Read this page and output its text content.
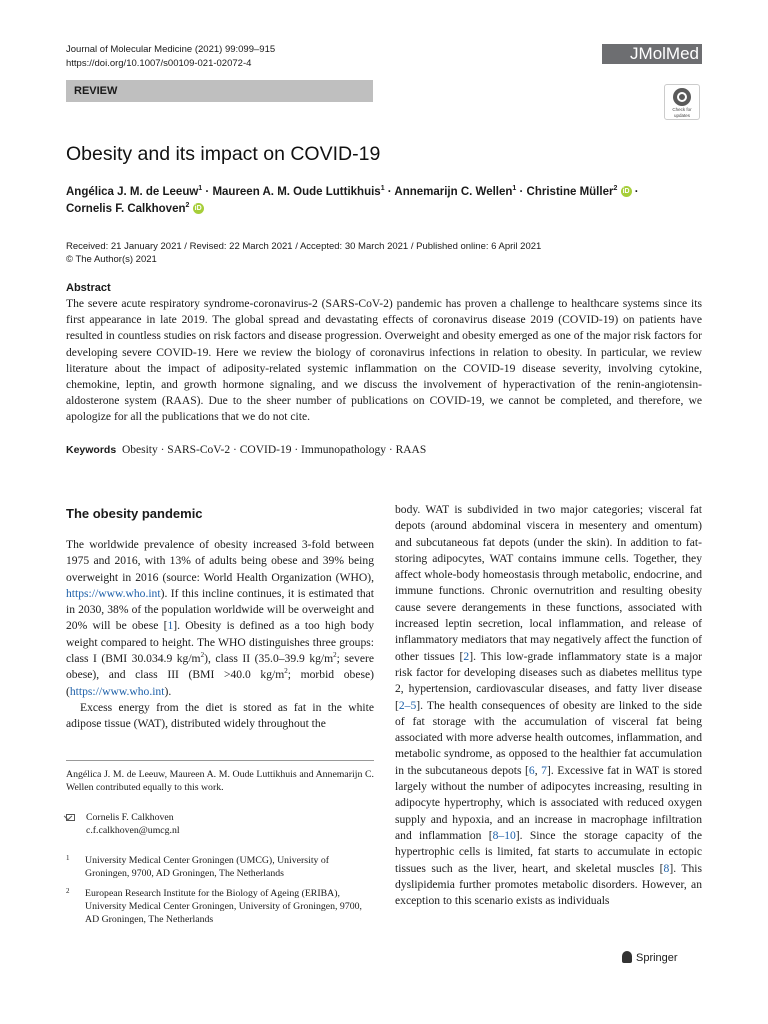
Journal of Molecular Medicine (2021) 99:099–915
https://doi.org/10.1007/s00109-021-02072-4	JMolMed
REVIEW
Check for
updates
Obesity and its impact on COVID-19
Angélica J. M. de Leeuw$^1$ · Maureen A. M. Oude Luttikhuis$^1$ · Annemarijn C. Wellen$^1$ · Christine Müller$^2$ iD ·
Cornelis F. Calkhoven$^2$ iD
Received: 21 January 2021 / Revised: 22 March 2021 / Accepted: 30 March 2021 / Published online: 6 April 2021
© The Author(s) 2021
Abstract
The severe acute respiratory syndrome-coronavirus-2 (SARS-CoV-2) pandemic has proven a challenge to healthcare systems since its first appearance in late 2019. The global spread and devastating effects of coronavirus disease 2019 (COVID-19) on patients have resulted in countless studies on risk factors and disease progression. Overweight and obesity emerged as one of the major risk factors for developing severe COVID-19. Here we review the biology of coronavirus infections in relation to obesity. In particular, we review literature about the impact of adiposity-related systemic inflammation on the COVID-19 disease severity, involving cytokine, chemokine, leptin, and growth hormone signaling, and we discuss the involvement of hyperactivation of the renin-angiotensin-aldosterone system (RAAS). Due to the sheer number of publications on COVID-19, we cannot be completed, and therefore, we apologize for all the publications that we do not cite.
Keywords Obesity · SARS-CoV-2 · COVID-19 · Immunopathology · RAAS
The obesity pandemic

The worldwide prevalence of obesity increased 3-fold between 1975 and 2016, with 13% of adults being obese and 39% being overweight in 2016 (source: World Health Organization (WHO), https://www.who.int). If this incline continues, it is estimated that in 2030, 38% of the population worldwide will be overweight and 20% will be obese [1]. Obesity is defined as a too high body weight compared to height. The WHO distinguishes three groups: class I (BMI 30.034.9 $kg/m^2$), class II (35.0–39.9 $kg/m^2$; severe obese), and class III (BMI >40.0 $kg/m^2$; morbid obese) (https://www.who.int).

Excess energy from the diet is stored as fat in the white adipose tissue (WAT), distributed widely throughout the

body. WAT is subdivided in two major categories; visceral fat depots (around abdominal viscera in mesentery and omentum) and subcutaneous fat depots (under the skin). In addition to fat-storing adipocytes, WAT contains immune cells. Together, they affect whole-body homeostasis through metabolic, endocrine, and immune functions. Chronic overnutrition and resulting obesity cause severe derangements in these functions, associated with increased leptin secretion, local inflammation, and release of inflammatory mediators that may negatively affect the function of other tissues [2]. This low-grade inflammatory state is a major risk factor for developing diseases such as diabetes mellitus type 2, hypertension, cardiovascular diseases, and fatty liver disease [2–5]. The health consequences of obesity are linked to the side of fat storage with the accumulation of visceral fat being associated with more adverse health outcomes, inflammation, and metabolic syndrome, as opposed to the healthier fat accumulation in the subcutaneous depots [6, 7]. Excessive fat in WAT is stored largely without the number of adipocytes increasing, resulting in adipocyte hypertrophy, which is associated with reduced oxygen supply and hypoxia, and an increase in macrophage infiltration and inflammation [8–10]. Since the storage capacity of the hypertrophic cells is limited, fat starts to accumulate in ectopic tissues such as the liver, heart, and skeletal muscles [8]. This dyslipidemia further promotes metabolic disorders. However, an exception to this scenario exists as individuals

Angélica J. M. de Leeuw, Maureen A. M. Oude Luttikhuis and Annemarijn C. Wellen contributed equally to this work.
Cornelis F. Calkhoven
c.f.calkhoven@umcg.nl
1 University Medical Center Groningen (UMCG), University of Groningen, 9700, AD Groningen, The Netherlands
2 European Research Institute for the Biology of Ageing (ERIBA), University Medical Center Groningen, University of Groningen, 9700, AD Groningen, The Netherlands
Springer
